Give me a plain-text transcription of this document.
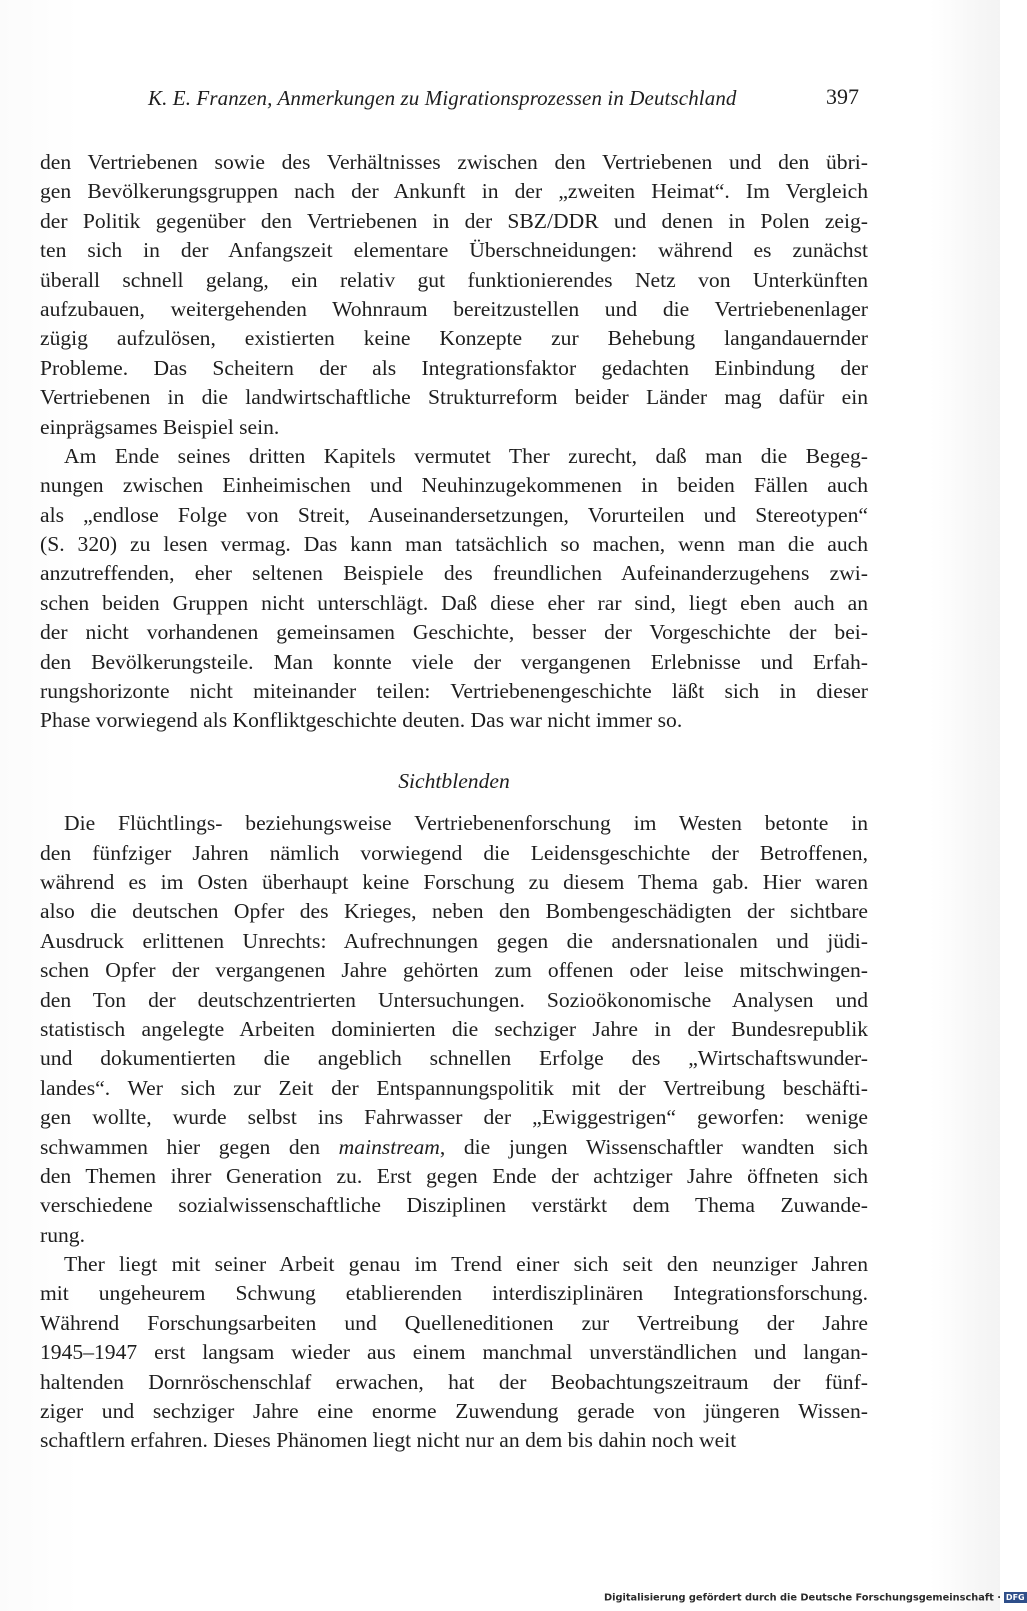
K. E. Franzen, Anmerkungen zu Migrationsprozessen in Deutschland	397
den Vertriebenen sowie des Verhältnisses zwischen den Vertriebenen und den übri-
gen Bevölkerungsgruppen nach der Ankunft in der „zweiten Heimat“. Im Vergleich
der Politik gegenüber den Vertriebenen in der SBZ/DDR und denen in Polen zeig-
ten sich in der Anfangszeit elementare Überschneidungen: während es zunächst
überall schnell gelang, ein relativ gut funktionierendes Netz von Unterkünften
aufzubauen, weitergehenden Wohnraum bereitzustellen und die Vertriebenenlager
zügig aufzulösen, existierten keine Konzepte zur Behebung langandauernder
Probleme. Das Scheitern der als Integrationsfaktor gedachten Einbindung der
Vertriebenen in die landwirtschaftliche Strukturreform beider Länder mag dafür ein
einprägsames Beispiel sein.
Am Ende seines dritten Kapitels vermutet Ther zurecht, daß man die Begeg-
nungen zwischen Einheimischen und Neuhinzugekommenen in beiden Fällen auch
als „endlose Folge von Streit, Auseinandersetzungen, Vorurteilen und Stereotypen“
(S. 320) zu lesen vermag. Das kann man tatsächlich so machen, wenn man die auch
anzutreffenden, eher seltenen Beispiele des freundlichen Aufeinanderzugehens zwi-
schen beiden Gruppen nicht unterschlägt. Daß diese eher rar sind, liegt eben auch an
der nicht vorhandenen gemeinsamen Geschichte, besser der Vorgeschichte der bei-
den Bevölkerungsteile. Man konnte viele der vergangenen Erlebnisse und Erfah-
rungshorizonte nicht miteinander teilen: Vertriebenengeschichte läßt sich in dieser
Phase vorwiegend als Konfliktgeschichte deuten. Das war nicht immer so.
Sichtblenden
Die Flüchtlings- beziehungsweise Vertriebenenforschung im Westen betonte in
den fünfziger Jahren nämlich vorwiegend die Leidensgeschichte der Betroffenen,
während es im Osten überhaupt keine Forschung zu diesem Thema gab. Hier waren
also die deutschen Opfer des Krieges, neben den Bombengeschädigten der sichtbare
Ausdruck erlittenen Unrechts: Aufrechnungen gegen die andersnationalen und jüdi-
schen Opfer der vergangenen Jahre gehörten zum offenen oder leise mitschwingen-
den Ton der deutschzentrierten Untersuchungen. Sozioökonomische Analysen und
statistisch angelegte Arbeiten dominierten die sechziger Jahre in der Bundesrepublik
und dokumentierten die angeblich schnellen Erfolge des „Wirtschaftswunder-
landes“. Wer sich zur Zeit der Entspannungspolitik mit der Vertreibung beschäfti-
gen wollte, wurde selbst ins Fahrwasser der „Ewiggestrigen“ geworfen: wenige
schwammen hier gegen den mainstream, die jungen Wissenschaftler wandten sich
den Themen ihrer Generation zu. Erst gegen Ende der achtziger Jahre öffneten sich
verschiedene sozialwissenschaftliche Disziplinen verstärkt dem Thema Zuwande-
rung.
Ther liegt mit seiner Arbeit genau im Trend einer sich seit den neunziger Jahren
mit ungeheurem Schwung etablierenden interdisziplinären Integrationsforschung.
Während Forschungsarbeiten und Quelleneditionen zur Vertreibung der Jahre
1945–1947 erst langsam wieder aus einem manchmal unverständlichen und langan-
haltenden Dornröschenschlaf erwachen, hat der Beobachtungszeitraum der fünf-
ziger und sechziger Jahre eine enorme Zuwendung gerade von jüngeren Wissen-
schaftlern erfahren. Dieses Phänomen liegt nicht nur an dem bis dahin noch weit
Digitalisierung gefördert durch die Deutsche Forschungsgemeinschaft · DFG
